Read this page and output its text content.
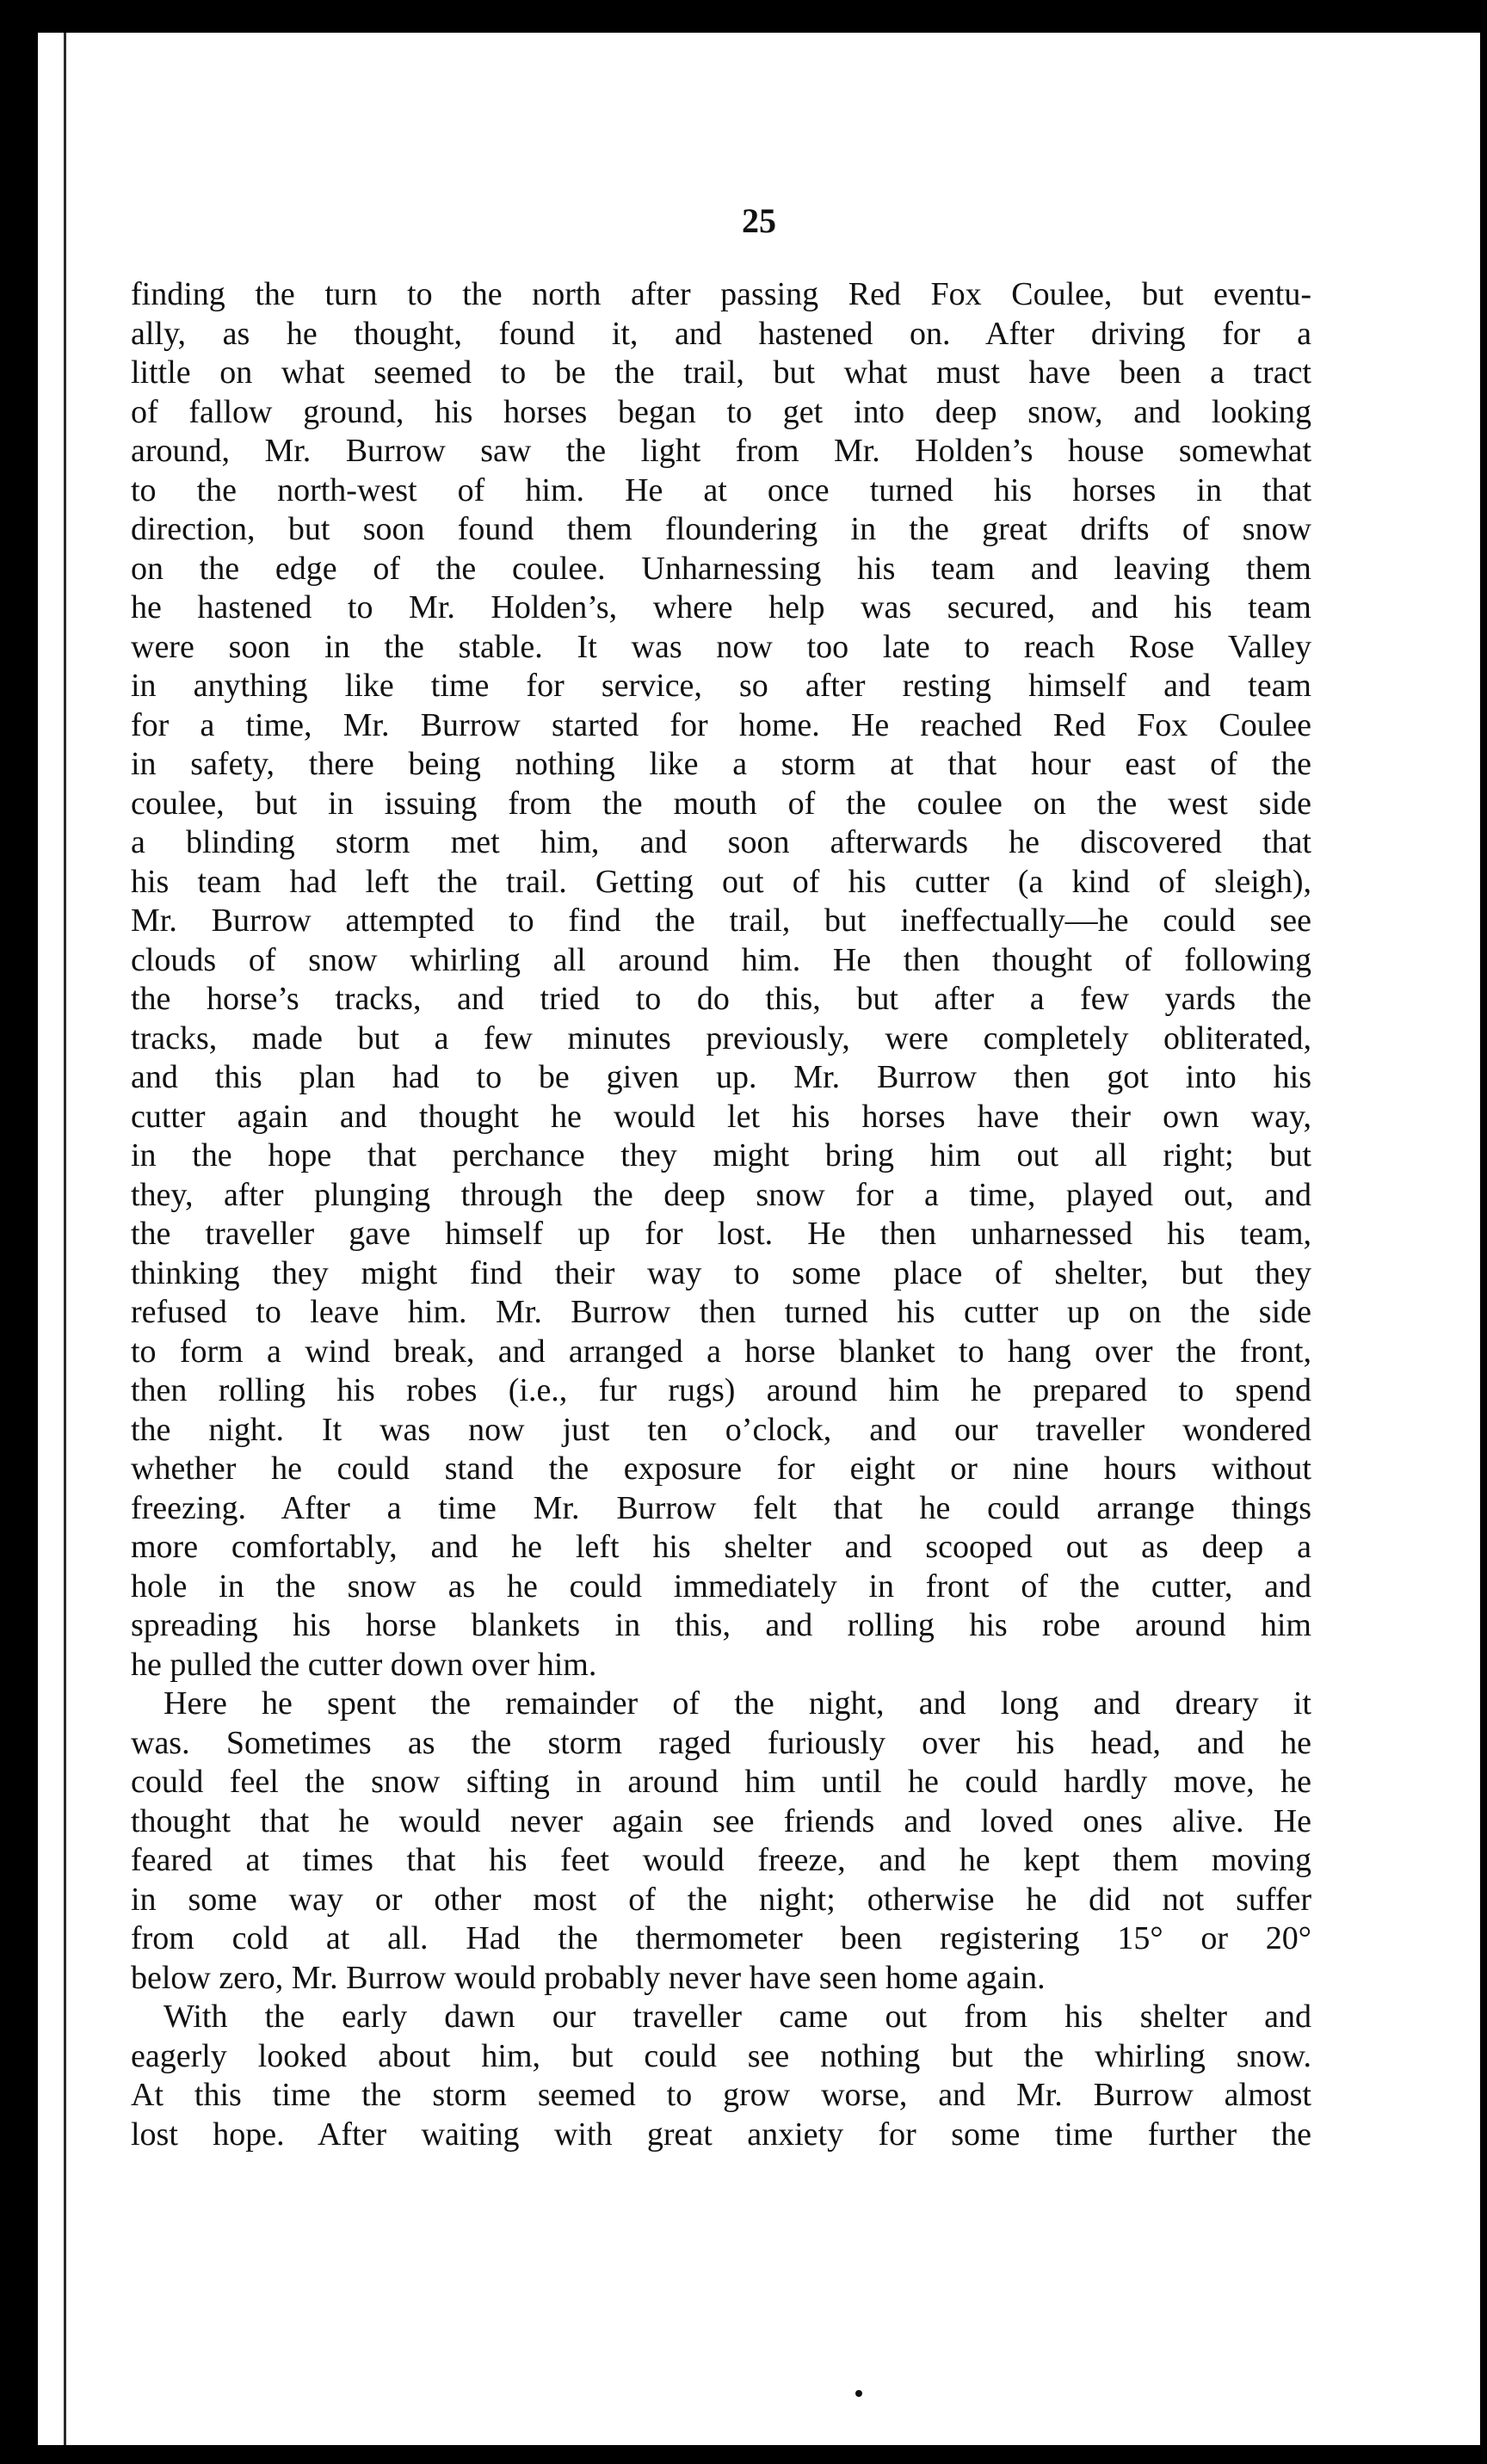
25
finding the turn to the north after passing Red Fox Coulee, but eventu-
ally, as he thought, found it, and hastened on. After driving for a
little on what seemed to be the trail, but what must have been a tract
of fallow ground, his horses began to get into deep snow, and looking
around, Mr. Burrow saw the light from Mr. Holden’s house somewhat
to the north-west of him. He at once turned his horses in that
direction, but soon found them floundering in the great drifts of snow
on the edge of the coulee. Unharnessing his team and leaving them
he hastened to Mr. Holden’s, where help was secured, and his team
were soon in the stable. It was now too late to reach Rose Valley
in anything like time for service, so after resting himself and team
for a time, Mr. Burrow started for home. He reached Red Fox Coulee
in safety, there being nothing like a storm at that hour east of the
coulee, but in issuing from the mouth of the coulee on the west side
a blinding storm met him, and soon afterwards he discovered that
his team had left the trail. Getting out of his cutter (a kind of sleigh),
Mr. Burrow attempted to find the trail, but ineffectually—he could see
clouds of snow whirling all around him. He then thought of following
the horse’s tracks, and tried to do this, but after a few yards the
tracks, made but a few minutes previously, were completely obliterated,
and this plan had to be given up. Mr. Burrow then got into his
cutter again and thought he would let his horses have their own way,
in the hope that perchance they might bring him out all right; but
they, after plunging through the deep snow for a time, played out, and
the traveller gave himself up for lost. He then unharnessed his team,
thinking they might find their way to some place of shelter, but they
refused to leave him. Mr. Burrow then turned his cutter up on the side
to form a wind break, and arranged a horse blanket to hang over the front,
then rolling his robes (i.e., fur rugs) around him he prepared to spend
the night. It was now just ten o’clock, and our traveller wondered
whether he could stand the exposure for eight or nine hours without
freezing. After a time Mr. Burrow felt that he could arrange things
more comfortably, and he left his shelter and scooped out as deep a
hole in the snow as he could immediately in front of the cutter, and
spreading his horse blankets in this, and rolling his robe around him
he pulled the cutter down over him.
Here he spent the remainder of the night, and long and dreary it
was. Sometimes as the storm raged furiously over his head, and he
could feel the snow sifting in around him until he could hardly move, he
thought that he would never again see friends and loved ones alive. He
feared at times that his feet would freeze, and he kept them moving
in some way or other most of the night; otherwise he did not suffer
from cold at all. Had the thermometer been registering 15° or 20°
below zero, Mr. Burrow would probably never have seen home again.
With the early dawn our traveller came out from his shelter and
eagerly looked about him, but could see nothing but the whirling snow.
At this time the storm seemed to grow worse, and Mr. Burrow almost
lost hope. After waiting with great anxiety for some time further the
